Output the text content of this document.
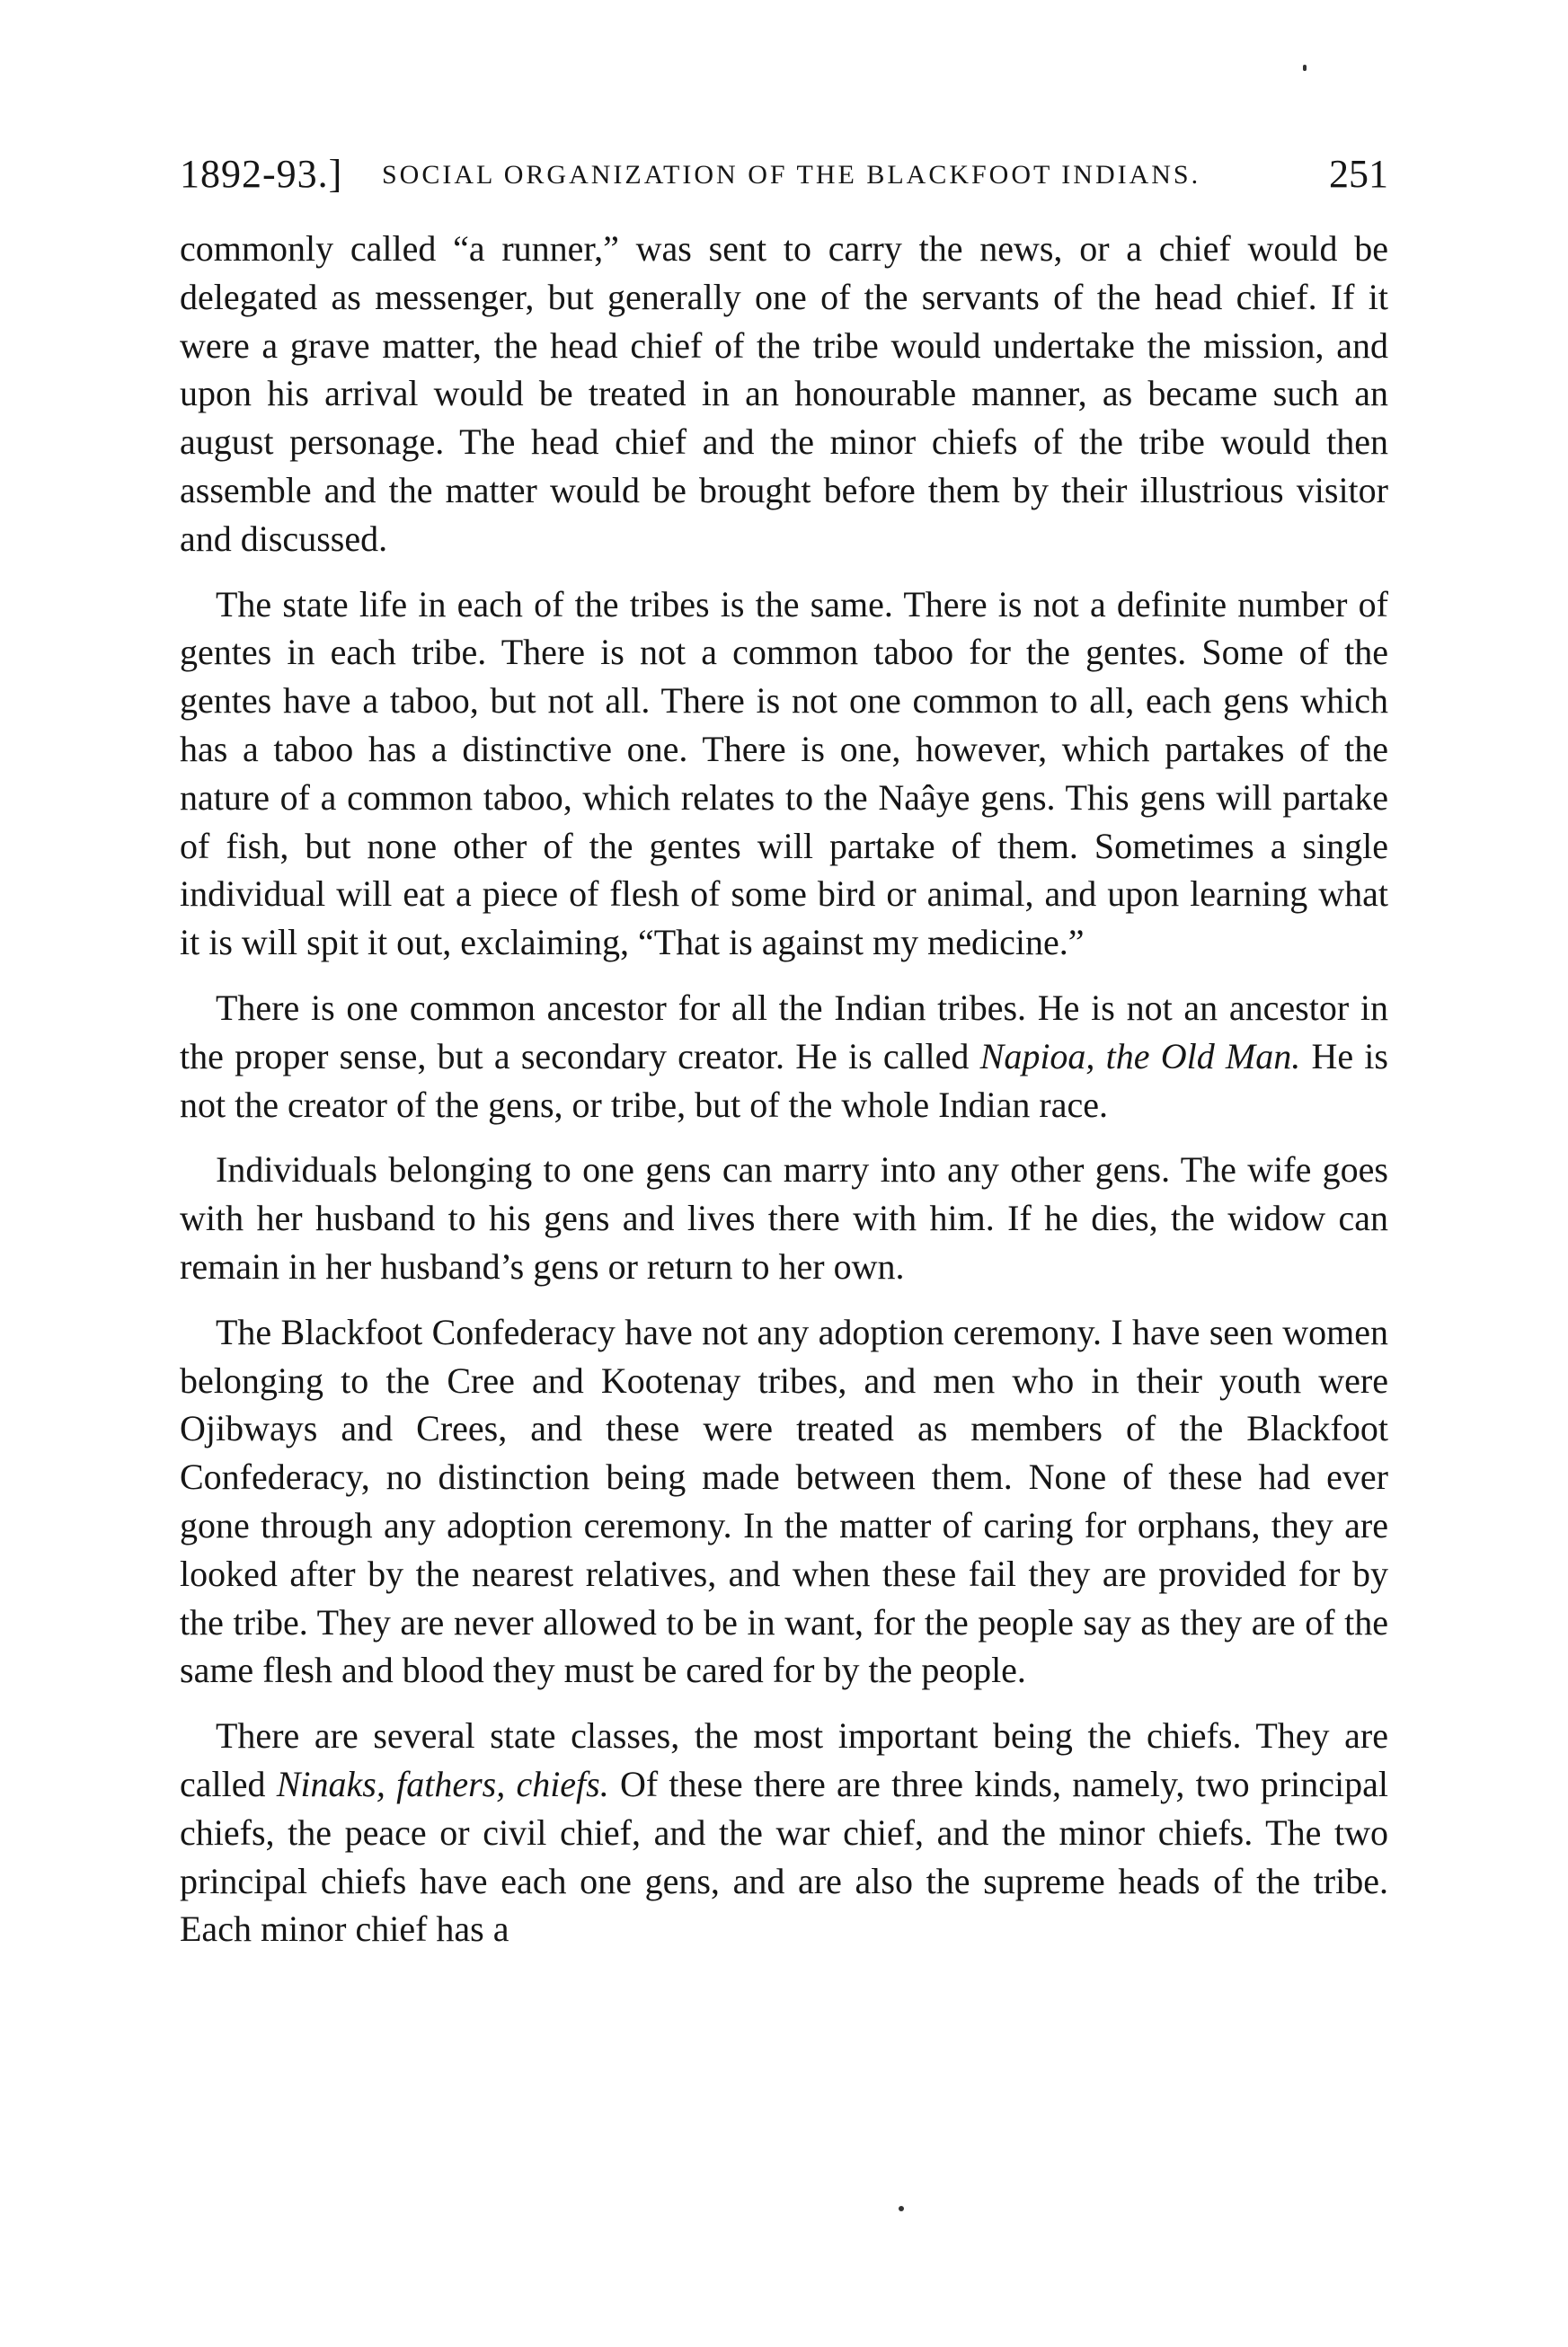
1892-93.] SOCIAL ORGANIZATION OF THE BLACKFOOT INDIANS.	251

commonly called “a runner,” was sent to carry the news, or a chief would be delegated as messenger, but generally one of the servants of the head chief. If it were a grave matter, the head chief of the tribe would undertake the mission, and upon his arrival would be treated in an honourable manner, as became such an august personage. The head chief and the minor chiefs of the tribe would then assemble and the matter would be brought before them by their illustrious visitor and discussed.

The state life in each of the tribes is the same. There is not a definite number of gentes in each tribe. There is not a common taboo for the gentes. Some of the gentes have a taboo, but not all. There is not one common to all, each gens which has a taboo has a distinctive one. There is one, however, which partakes of the nature of a common taboo, which relates to the Naâye gens. This gens will partake of fish, but none other of the gentes will partake of them. Sometimes a single individual will eat a piece of flesh of some bird or animal, and upon learning what it is will spit it out, exclaiming, “That is against my medicine.”

There is one common ancestor for all the Indian tribes. He is not an ancestor in the proper sense, but a secondary creator. He is called Napioa, the Old Man. He is not the creator of the gens, or tribe, but of the whole Indian race.

Individuals belonging to one gens can marry into any other gens. The wife goes with her husband to his gens and lives there with him. If he dies, the widow can remain in her husband’s gens or return to her own.

The Blackfoot Confederacy have not any adoption ceremony. I have seen women belonging to the Cree and Kootenay tribes, and men who in their youth were Ojibways and Crees, and these were treated as members of the Blackfoot Confederacy, no distinction being made between them. None of these had ever gone through any adoption ceremony. In the matter of caring for orphans, they are looked after by the nearest relatives, and when these fail they are provided for by the tribe. They are never allowed to be in want, for the people say as they are of the same flesh and blood they must be cared for by the people.

There are several state classes, the most important being the chiefs. They are called Ninaks, fathers, chiefs. Of these there are three kinds, namely, two principal chiefs, the peace or civil chief, and the war chief, and the minor chiefs. The two principal chiefs have each one gens, and are also the supreme heads of the tribe. Each minor chief has a
